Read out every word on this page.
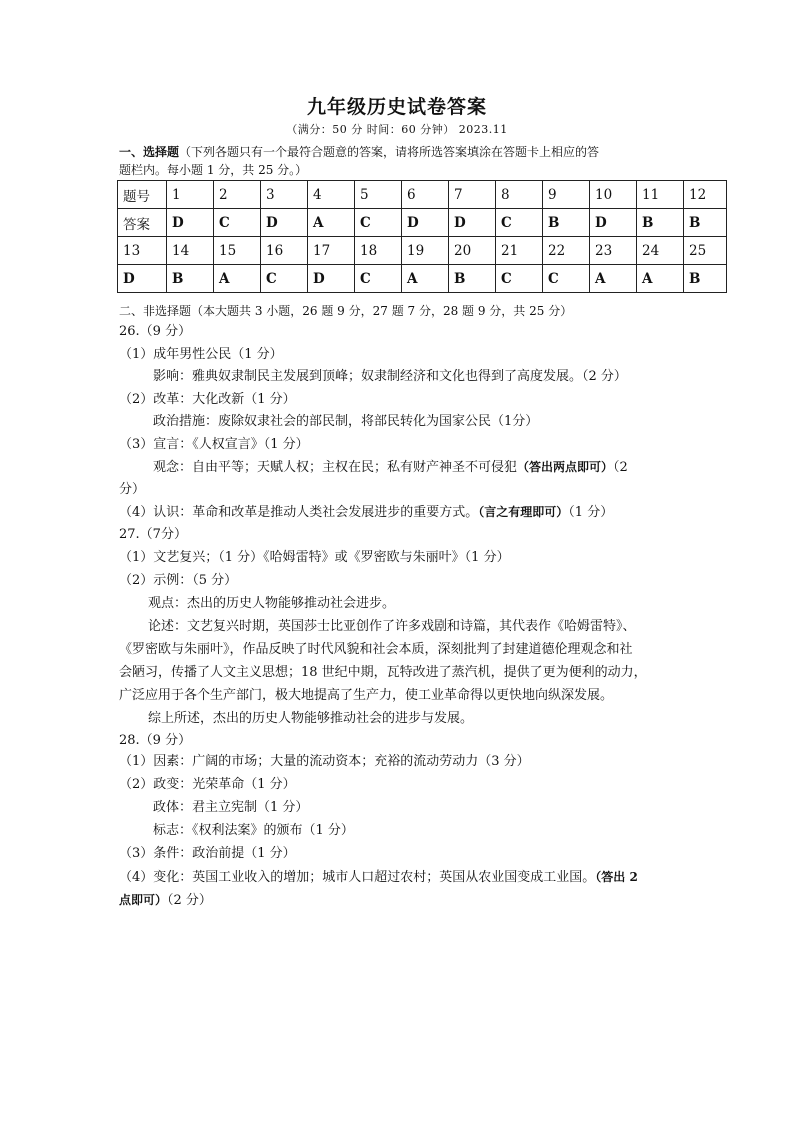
九年级历史试卷答案
（满分：50 分 时间：60 分钟） 2023.11
一、选择题（下列各题只有一个最符合题意的答案，请将所选答案填涂在答题卡上相应的答
题栏内。每小题 1 分，共 25 分。）
题号	1	2	3	4	5	6	7	8	9	10	11	12
答案	D	C	D	A	C	D	D	C	B	D	B	B
13	14	15	16	17	18	19	20	21	22	23	24	25
D	B	A	C	D	C	A	B	C	C	A	A	B
二、非选择题（本大题共 3 小题，26 题 9 分，27 题 7 分，28 题 9 分，共 25 分）
26.（9 分）
（1）成年男性公民（1 分）
影响：雅典奴隶制民主发展到顶峰；奴隶制经济和文化也得到了高度发展。（2 分）
（2）改革：大化改新（1 分）
政治措施：废除奴隶社会的部民制，将部民转化为国家公民（1分）
（3）宣言：《人权宣言》（1 分）
观念：自由平等；天赋人权；主权在民；私有财产神圣不可侵犯（答出两点即可）（2
分）
（4）认识：革命和改革是推动人类社会发展进步的重要方式。（言之有理即可）（1 分）
27.（7分）
（1）文艺复兴；（1 分）《哈姆雷特》或《罗密欧与朱丽叶》（1 分）
（2）示例：（5 分）
观点：杰出的历史人物能够推动社会进步。
论述：文艺复兴时期，英国莎士比亚创作了许多戏剧和诗篇，其代表作《哈姆雷特》、
《罗密欧与朱丽叶》，作品反映了时代风貌和社会本质，深刻批判了封建道德伦理观念和社
会陋习，传播了人文主义思想；18 世纪中期，瓦特改进了蒸汽机，提供了更为便利的动力，
广泛应用于各个生产部门，极大地提高了生产力，使工业革命得以更快地向纵深发展。
综上所述，杰出的历史人物能够推动社会的进步与发展。
28.（9 分）
（1）因素：广阔的市场；大量的流动资本；充裕的流动劳动力（3 分）
（2）政变：光荣革命（1 分）
政体：君主立宪制（1 分）
标志：《权利法案》的颁布（1 分）
（3）条件：政治前提（1 分）
（4）变化：英国工业收入的增加；城市人口超过农村；英国从农业国变成工业国。（答出 2
点即可）（2 分）
